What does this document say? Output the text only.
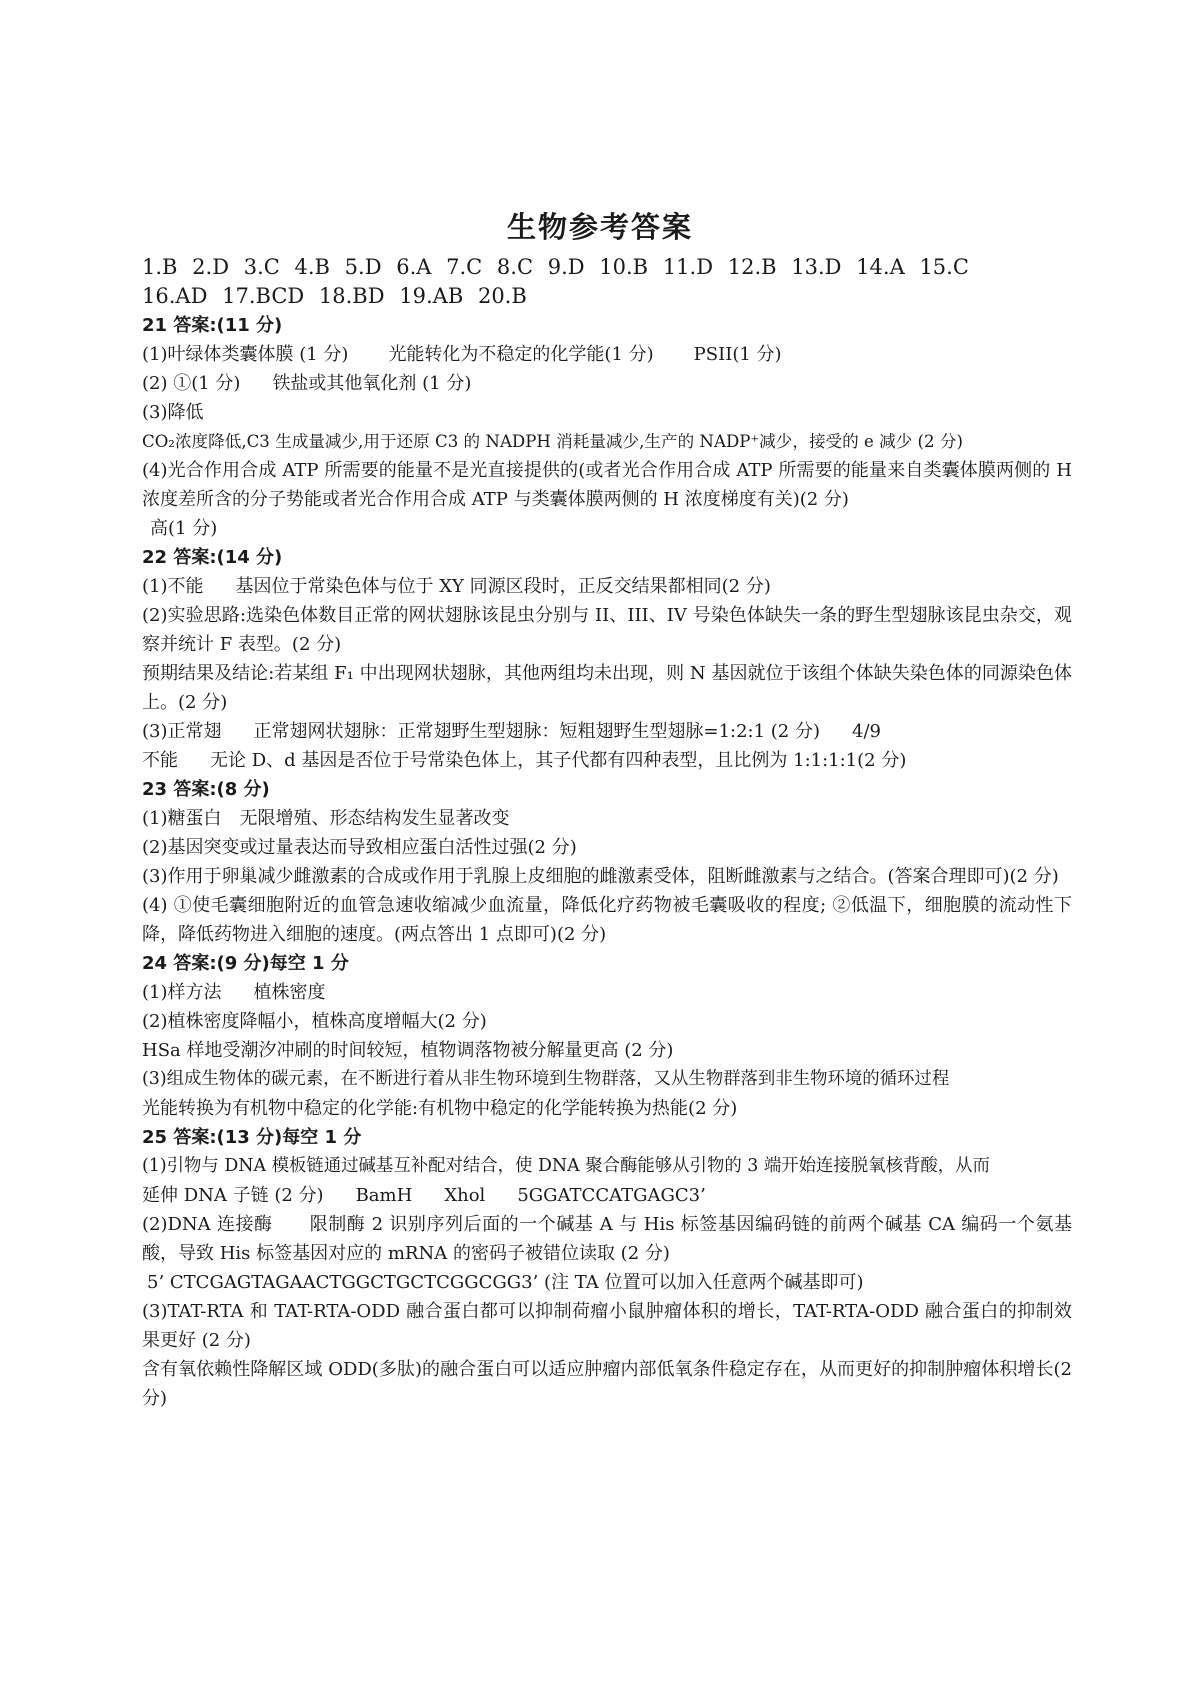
生物参考答案
1.B 2.D 3.C 4.B 5.D 6.A 7.C 8.C 9.D 10.B 11.D 12.B 13.D 14.A 15.C
16.AD 17.BCD 18.BD 19.AB 20.B
21 答案:(11 分)
(1)叶绿体类囊体膜 (1 分) 光能转化为不稳定的化学能(1 分) PSII(1 分)
(2) ①(1 分) 铁盐或其他氧化剂 (1 分)
(3)降低
CO₂浓度降低,C3 生成量减少,用于还原 C3 的 NADPH 消耗量减少,生产的 NADP⁺减少，接受的 e 减少 (2 分)
(4)光合作用合成 ATP 所需要的能量不是光直接提供的(或者光合作用合成 ATP 所需要的能量来自类囊体膜两侧的 H 浓度差所含的分子势能或者光合作用合成 ATP 与类囊体膜两侧的 H 浓度梯度有关)(2 分)
高(1 分)
22 答案:(14 分)
(1)不能 基因位于常染色体与位于 XY 同源区段时，正反交结果都相同(2 分)
(2)实验思路:选染色体数目正常的网状翅脉该昆虫分别与 II、III、IV 号染色体缺失一条的野生型翅脉该昆虫杂交，观察并统计 F 表型。(2 分)
预期结果及结论:若某组 F₁ 中出现网状翅脉，其他两组均未出现，则 N 基因就位于该组个体缺失染色体的同源染色体上。(2 分)
(3)正常翅 正常翅网状翅脉：正常翅野生型翅脉：短粗翅野生型翅脉=1:2:1 (2 分) 4/9
不能 无论 D、d 基因是否位于号常染色体上，其子代都有四种表型，且比例为 1:1:1:1(2 分)
23 答案:(8 分)
(1)糖蛋白 无限增殖、形态结构发生显著改变
(2)基因突变或过量表达而导致相应蛋白活性过强(2 分)
(3)作用于卵巢减少雌激素的合成或作用于乳腺上皮细胞的雌激素受体，阻断雌激素与之结合。(答案合理即可)(2 分)
(4) ①使毛囊细胞附近的血管急速收缩减少血流量，降低化疗药物被毛囊吸收的程度; ②低温下，细胞膜的流动性下降，降低药物进入细胞的速度。(两点答出 1 点即可)(2 分)
24 答案:(9 分)每空 1 分
(1)样方法 植株密度
(2)植株密度降幅小，植株高度增幅大(2 分)
HSa 样地受潮汐冲刷的时间较短，植物调落物被分解量更高 (2 分)
(3)组成生物体的碳元素，在不断进行着从非生物环境到生物群落，又从生物群落到非生物环境的循环过程
光能转换为有机物中稳定的化学能:有机物中稳定的化学能转换为热能(2 分)
25 答案:(13 分)每空 1 分
(1)引物与 DNA 模板链通过碱基互补配对结合，使 DNA 聚合酶能够从引物的 3 端开始连接脱氧核背酸，从而
延伸 DNA 子链 (2 分) BamH Xhol 5GGATCCATGAGC3’
(2)DNA 连接酶　　限制酶 2 识别序列后面的一个碱基 A 与 His 标签基因编码链的前两个碱基 CA 编码一个氨基酸，导致 His 标签基因对应的 mRNA 的密码子被错位读取 (2 分)
5’ CTCGAGTAGAACTGGCTGCTCGGCGG3’ (注 TA 位置可以加入任意两个碱基即可)
(3)TAT-RTA 和 TAT-RTA-ODD 融合蛋白都可以抑制荷瘤小鼠肿瘤体积的增长，TAT-RTA-ODD 融合蛋白的抑制效果更好 (2 分)
含有氧依赖性降解区域 ODD(多肽)的融合蛋白可以适应肿瘤内部低氧条件稳定存在，从而更好的抑制肿瘤体积增长(2 分)
